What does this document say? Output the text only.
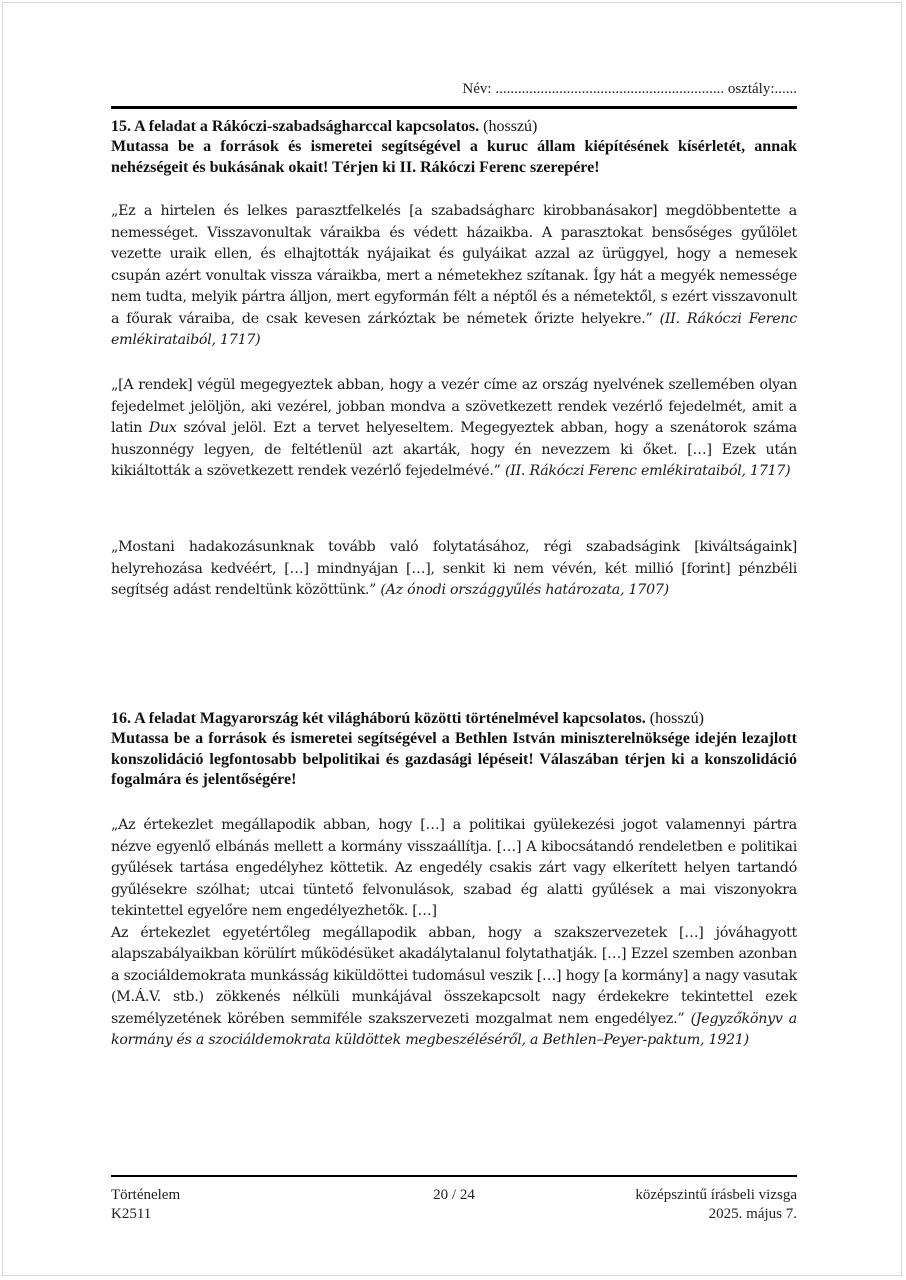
Név: ............................................................. osztály:......

15. A feladat a Rákóczi-szabadságharccal kapcsolatos. (hosszú)

Mutassa be a források és ismeretei segítségével a kuruc állam kiépítésének kísérletét, annak nehézségeit és bukásának okait! Térjen ki II. Rákóczi Ferenc szerepére!

„Ez a hirtelen és lelkes parasztfelkelés [a szabadságharc kirobbanásakor] megdöbbentette a nemességet. Visszavonultak váraikba és védett házaikba. A parasztokat bensőséges gyűlölet vezette uraik ellen, és elhajtották nyájaikat és gulyáikat azzal az ürüggyel, hogy a nemesek csupán azért vonultak vissza váraikba, mert a németekhez szítanak. Így hát a megyék nemessége nem tudta, melyik pártra álljon, mert egyformán félt a néptől és a németektől, s ezért visszavonult a főurak váraiba, de csak kevesen zárkóztak be németek őrizte helyekre.” (II. Rákóczi Ferenc emlékirataiból, 1717)

„[A rendek] végül megegyeztek abban, hogy a vezér címe az ország nyelvének szellemében olyan fejedelmet jelöljön, aki vezérel, jobban mondva a szövetkezett rendek vezérlő fejedelmét, amit a latin Dux szóval jelöl. Ezt a tervet helyeseltem. Megegyeztek abban, hogy a szenátorok száma huszonnégy legyen, de feltétlenül azt akarták, hogy én nevezzem ki őket. […] Ezek után kikiáltották a szövetkezett rendek vezérlő fejedelmévé.” (II. Rákóczi Ferenc emlékirataiból, 1717)

„Mostani hadakozásunknak tovább való folytatásához, régi szabadságink [kiváltságaink] helyrehozása kedvéért, […] mindnyájan […], senkit ki nem vévén, két millió [forint] pénzbéli segítség adást rendeltünk közöttünk.” (Az ónodi országgyűlés határozata, 1707)

16. A feladat Magyarország két világháború közötti történelmével kapcsolatos. (hosszú)

Mutassa be a források és ismeretei segítségével a Bethlen István miniszterelnöksége idején lezajlott konszolidáció legfontosabb belpolitikai és gazdasági lépéseit! Válaszában térjen ki a konszolidáció fogalmára és jelentőségére!

„Az értekezlet megállapodik abban, hogy […] a politikai gyülekezési jogot valamennyi pártra nézve egyenlő elbánás mellett a kormány visszaállítja. […] A kibocsátandó rendeletben e politikai gyűlések tartása engedélyhez köttetik. Az engedély csakis zárt vagy elkerített helyen tartandó gyűlésekre szólhat; utcai tüntető felvonulások, szabad ég alatti gyűlések a mai viszonyokra tekintettel egyelőre nem engedélyezhetők. […]

Az értekezlet egyetértőleg megállapodik abban, hogy a szakszervezetek […] jóváhagyott alapszabályaikban körülírt működésüket akadálytalanul folytathatják. […] Ezzel szemben azonban a szociáldemokrata munkásság kiküldöttei tudomásul veszik […] hogy [a kormány] a nagy vasutak (M.Á.V. stb.) zökkenés nélküli munkájával összekapcsolt nagy érdekekre tekintettel ezek személyzetének körében semmiféle szakszervezeti mozgalmat nem engedélyez.” (Jegyzőkönyv a kormány és a szociáldemokrata küldöttek megbeszéléséről, a Bethlen–Peyer-paktum, 1921)

Történelem
K2511
20 / 24	középszintű írásbeli vizsga
2025. május 7.
